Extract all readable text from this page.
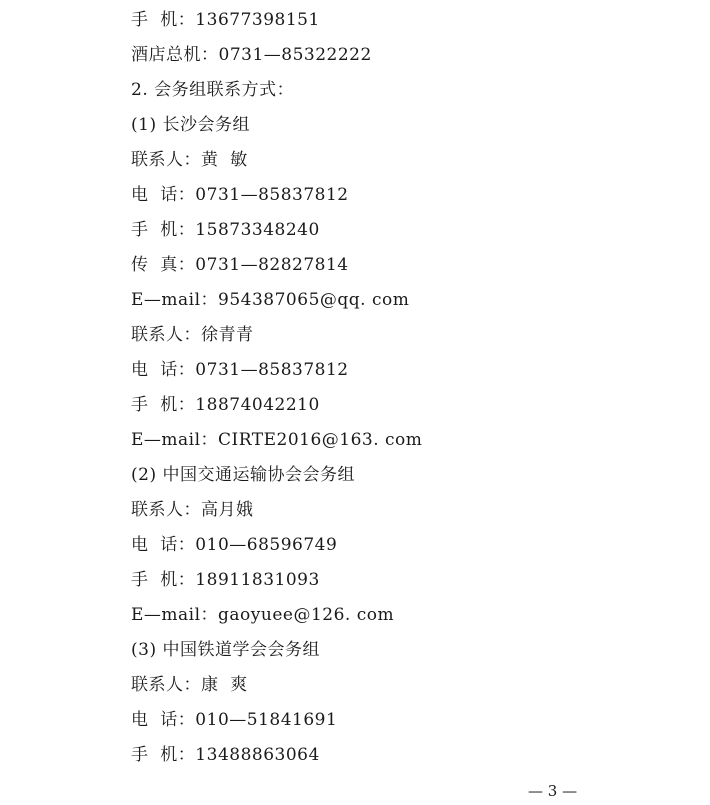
手  机：13677398151
酒店总机：0731—85322222
2. 会务组联系方式：
(1) 长沙会务组
联系人：黄  敏
电  话：0731—85837812
手  机：15873348240
传  真：0731—82827814
E—mail：954387065@qq. com
联系人：徐青青
电  话：0731—85837812
手  机：18874042210
E—mail：CIRTE2016@163. com
(2) 中国交通运输协会会务组
联系人：高月娥
电  话：010—68596749
手  机：18911831093
E—mail：gaoyuee@126. com
(3) 中国铁道学会会务组
联系人：康  爽
电  话：010—51841691
手  机：13488863064
— 3 —
